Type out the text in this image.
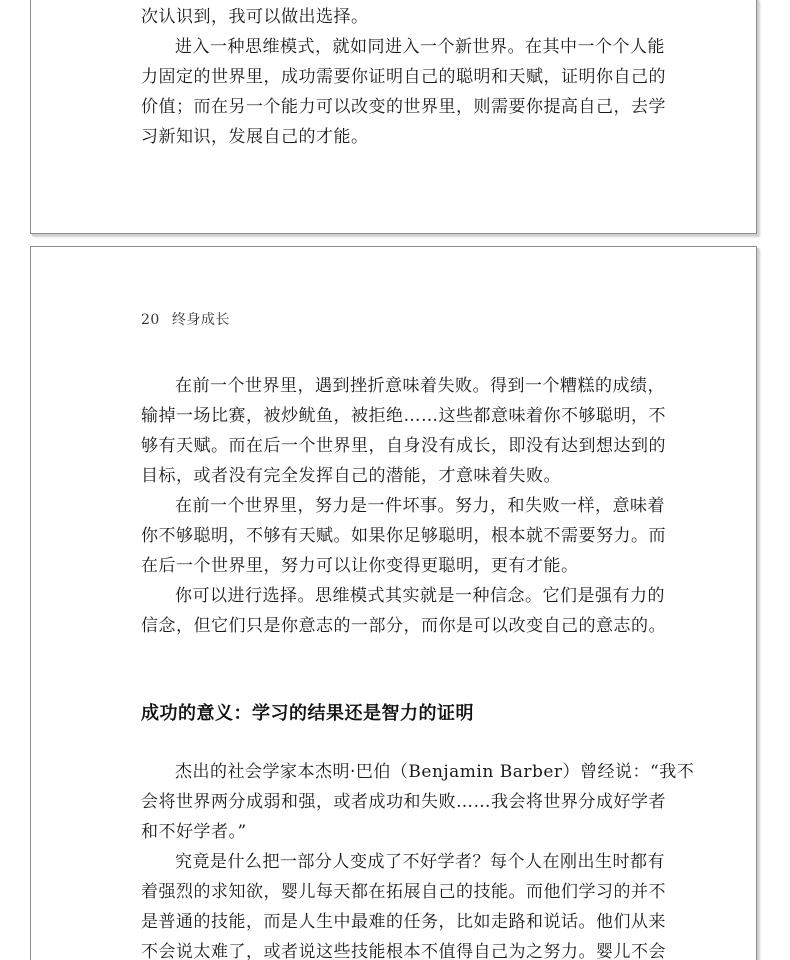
次认识到，我可以做出选择。
进入一种思维模式，就如同进入一个新世界。在其中一个个人能
力固定的世界里，成功需要你证明自己的聪明和天赋，证明你自己的
价值；而在另一个能力可以改变的世界里，则需要你提高自己，去学
习新知识，发展自己的才能。
20 终身成长
在前一个世界里，遇到挫折意味着失败。得到一个糟糕的成绩，
输掉一场比赛，被炒鱿鱼，被拒绝……这些都意味着你不够聪明，不
够有天赋。而在后一个世界里，自身没有成长，即没有达到想达到的
目标，或者没有完全发挥自己的潜能，才意味着失败。
在前一个世界里，努力是一件坏事。努力，和失败一样，意味着
你不够聪明，不够有天赋。如果你足够聪明，根本就不需要努力。而
在后一个世界里，努力可以让你变得更聪明，更有才能。
你可以进行选择。思维模式其实就是一种信念。它们是强有力的
信念，但它们只是你意志的一部分，而你是可以改变自己的意志的。
成功的意义：学习的结果还是智力的证明
杰出的社会学家本杰明·巴伯（Benjamin Barber）曾经说：“我不
会将世界两分成弱和强，或者成功和失败……我会将世界分成好学者
和不好学者。”
究竟是什么把一部分人变成了不好学者？每个人在刚出生时都有
着强烈的求知欲，婴儿每天都在拓展自己的技能。而他们学习的并不
是普通的技能，而是人生中最难的任务，比如走路和说话。他们从来
不会说太难了，或者说这些技能根本不值得自己为之努力。婴儿不会
